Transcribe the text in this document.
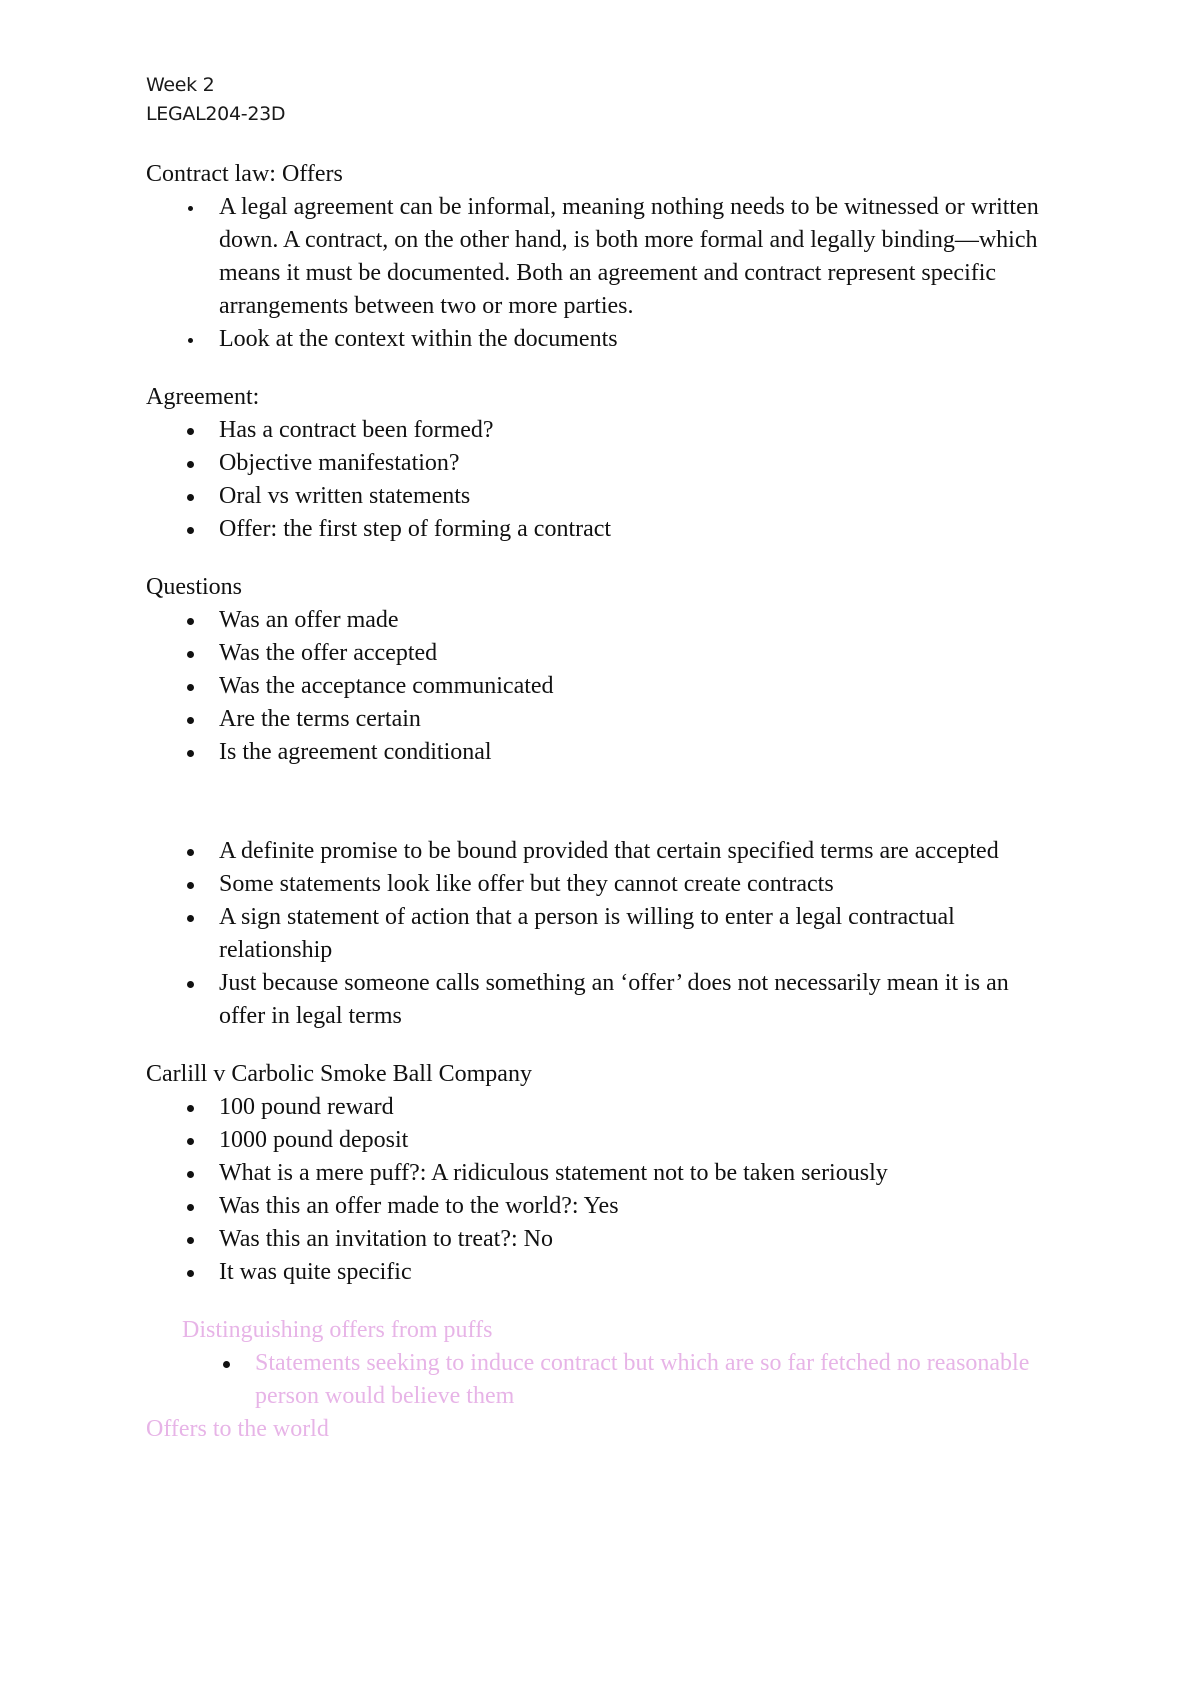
Week 2
LEGAL204-23D
Contract law: Offers
A legal agreement can be informal, meaning nothing needs to be witnessed or written down. A contract, on the other hand, is both more formal and legally binding—which means it must be documented. Both an agreement and contract represent specific arrangements between two or more parties.
Look at the context within the documents
Agreement:
Has a contract been formed?
Objective manifestation?
Oral vs written statements
Offer: the first step of forming a contract
Questions
Was an offer made
Was the offer accepted
Was the acceptance communicated
Are the terms certain
Is the agreement conditional
A definite promise to be bound provided that certain specified terms are accepted
Some statements look like offer but they cannot create contracts
A sign statement of action that a person is willing to enter a legal contractual relationship
Just because someone calls something an ‘offer’ does not necessarily mean it is an offer in legal terms
Carlill v Carbolic Smoke Ball Company
100 pound reward
1000 pound deposit
What is a mere puff?: A ridiculous statement not to be taken seriously
Was this an offer made to the world?: Yes
Was this an invitation to treat?: No
It was quite specific
Distinguishing offers from puffs
Statements seeking to induce contract but which are so far fetched no reasonable person would believe them
Offers to the world
